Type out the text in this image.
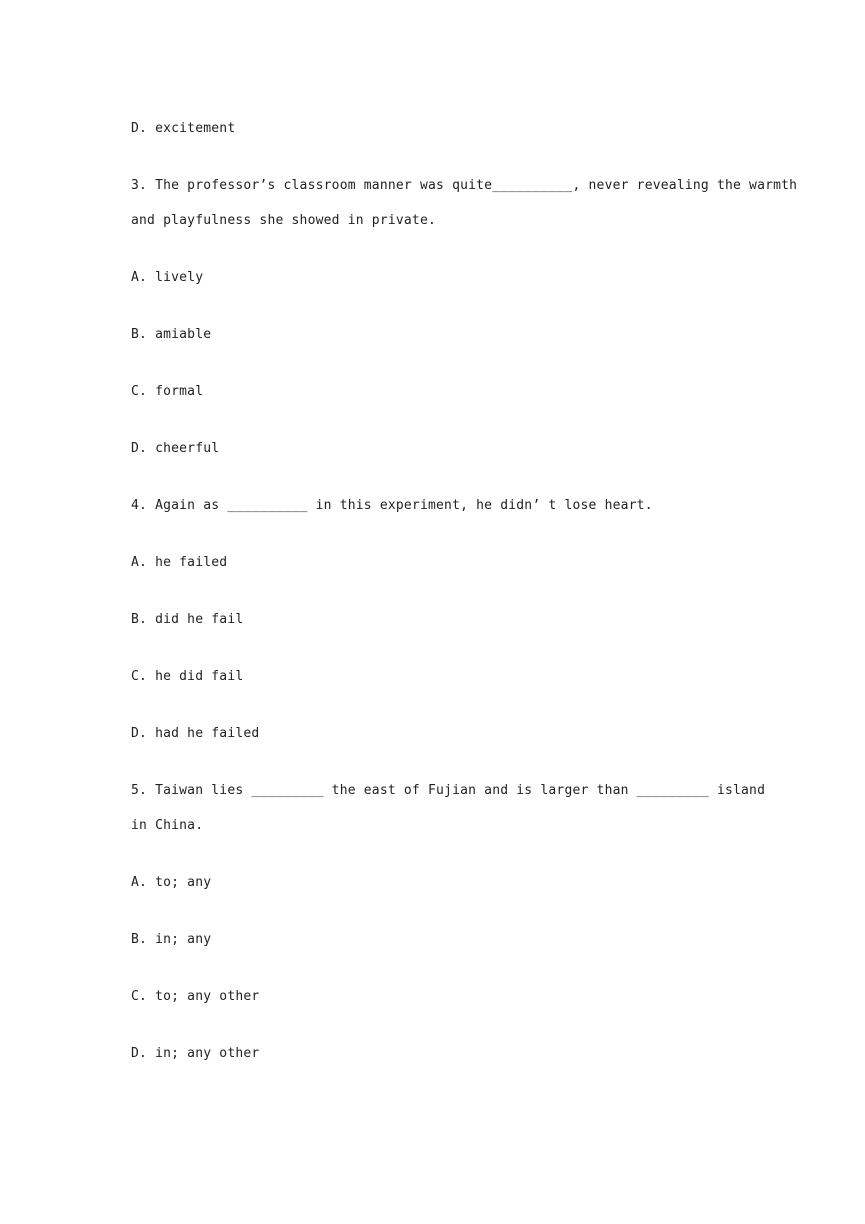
D. excitement

3. The professor’s classroom manner was quite__________, never revealing the warmth

and playfulness she showed in private.

A. lively

B. amiable

C. formal

D. cheerful

4. Again as __________ in this experiment, he didn’ t lose heart.

A. he failed

B. did he fail

C. he did fail

D. had he failed

5. Taiwan lies _________ the east of Fujian and is larger than _________ island

in China.

A. to; any

B. in; any

C. to; any other

D. in; any other
